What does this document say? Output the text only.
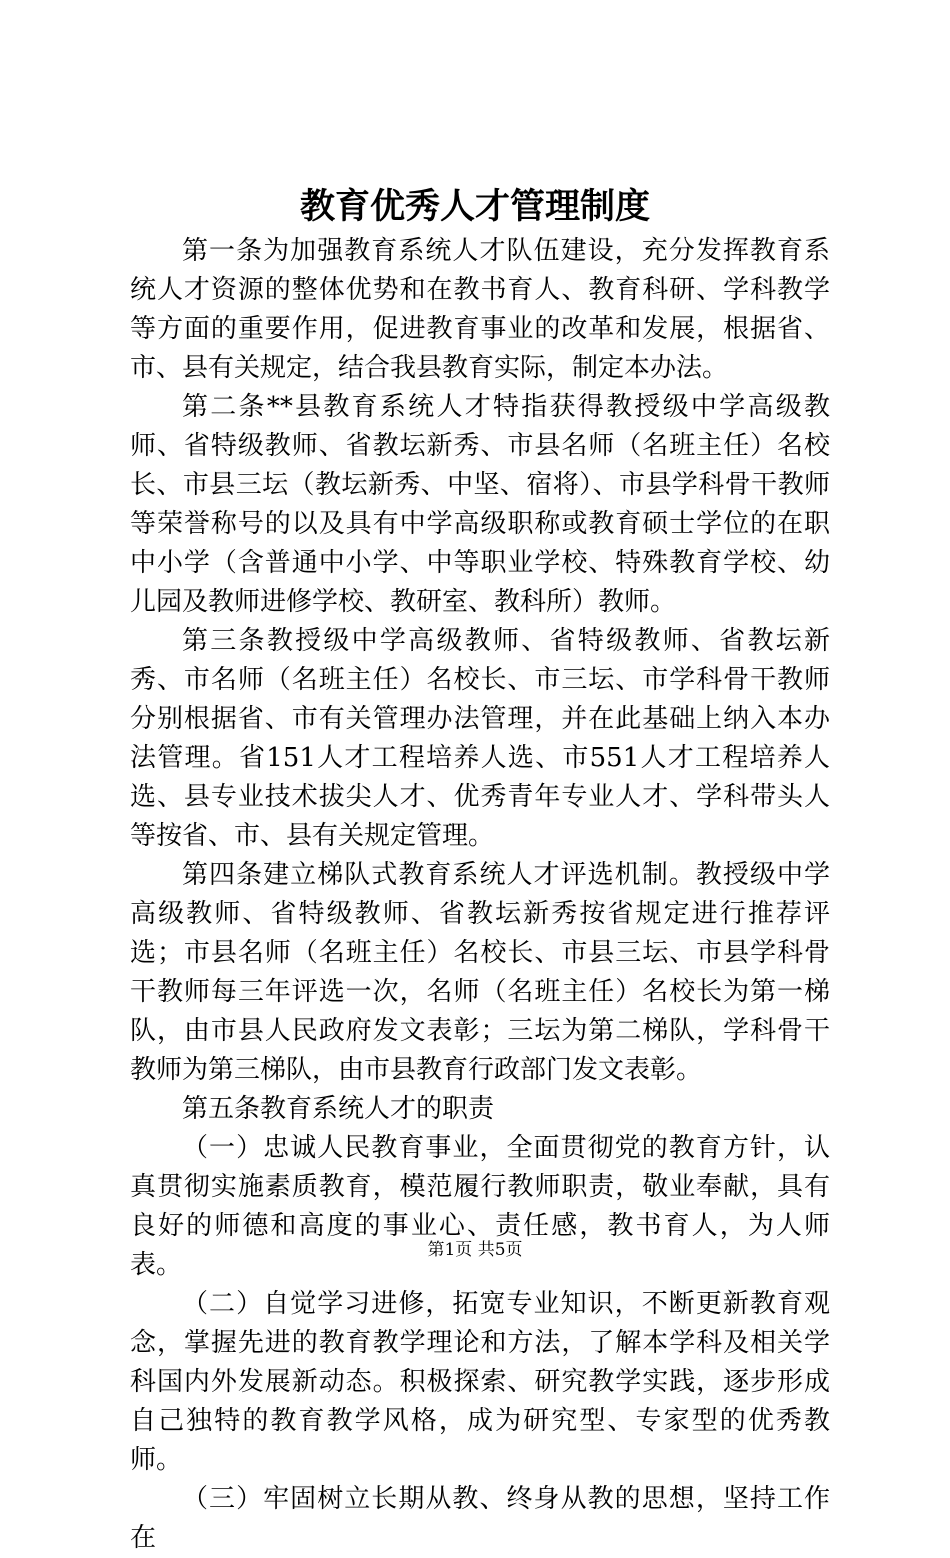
教育优秀人才管理制度

第一条为加强教育系统人才队伍建设，充分发挥教育系统人才资源的整体优势和在教书育人、教育科研、学科教学等方面的重要作用，促进教育事业的改革和发展，根据省、市、县有关规定，结合我县教育实际，制定本办法。

第二条**县教育系统人才特指获得教授级中学高级教师、省特级教师、省教坛新秀、市县名师（名班主任）名校长、市县三坛（教坛新秀、中坚、宿将）、市县学科骨干教师等荣誉称号的以及具有中学高级职称或教育硕士学位的在职中小学（含普通中小学、中等职业学校、特殊教育学校、幼儿园及教师进修学校、教研室、教科所）教师。

第三条教授级中学高级教师、省特级教师、省教坛新秀、市名师（名班主任）名校长、市三坛、市学科骨干教师分别根据省、市有关管理办法管理，并在此基础上纳入本办法管理。省151人才工程培养人选、市551人才工程培养人选、县专业技术拔尖人才、优秀青年专业人才、学科带头人等按省、市、县有关规定管理。

第四条建立梯队式教育系统人才评选机制。教授级中学高级教师、省特级教师、省教坛新秀按省规定进行推荐评选；市县名师（名班主任）名校长、市县三坛、市县学科骨干教师每三年评选一次，名师（名班主任）名校长为第一梯队，由市县人民政府发文表彰；三坛为第二梯队，学科骨干教师为第三梯队，由市县教育行政部门发文表彰。

第五条教育系统人才的职责

（一）忠诚人民教育事业，全面贯彻党的教育方针，认真贯彻实施素质教育，模范履行教师职责，敬业奉献，具有良好的师德和高度的事业心、责任感，教书育人，为人师表。

（二）自觉学习进修，拓宽专业知识，不断更新教育观念，掌握先进的教育教学理论和方法，了解本学科及相关学科国内外发展新动态。积极探索、研究教学实践，逐步形成自己独特的教育教学风格，成为研究型、专家型的优秀教师。

（三）牢固树立长期从教、终身从教的思想，坚持工作在

第1页 共5页
